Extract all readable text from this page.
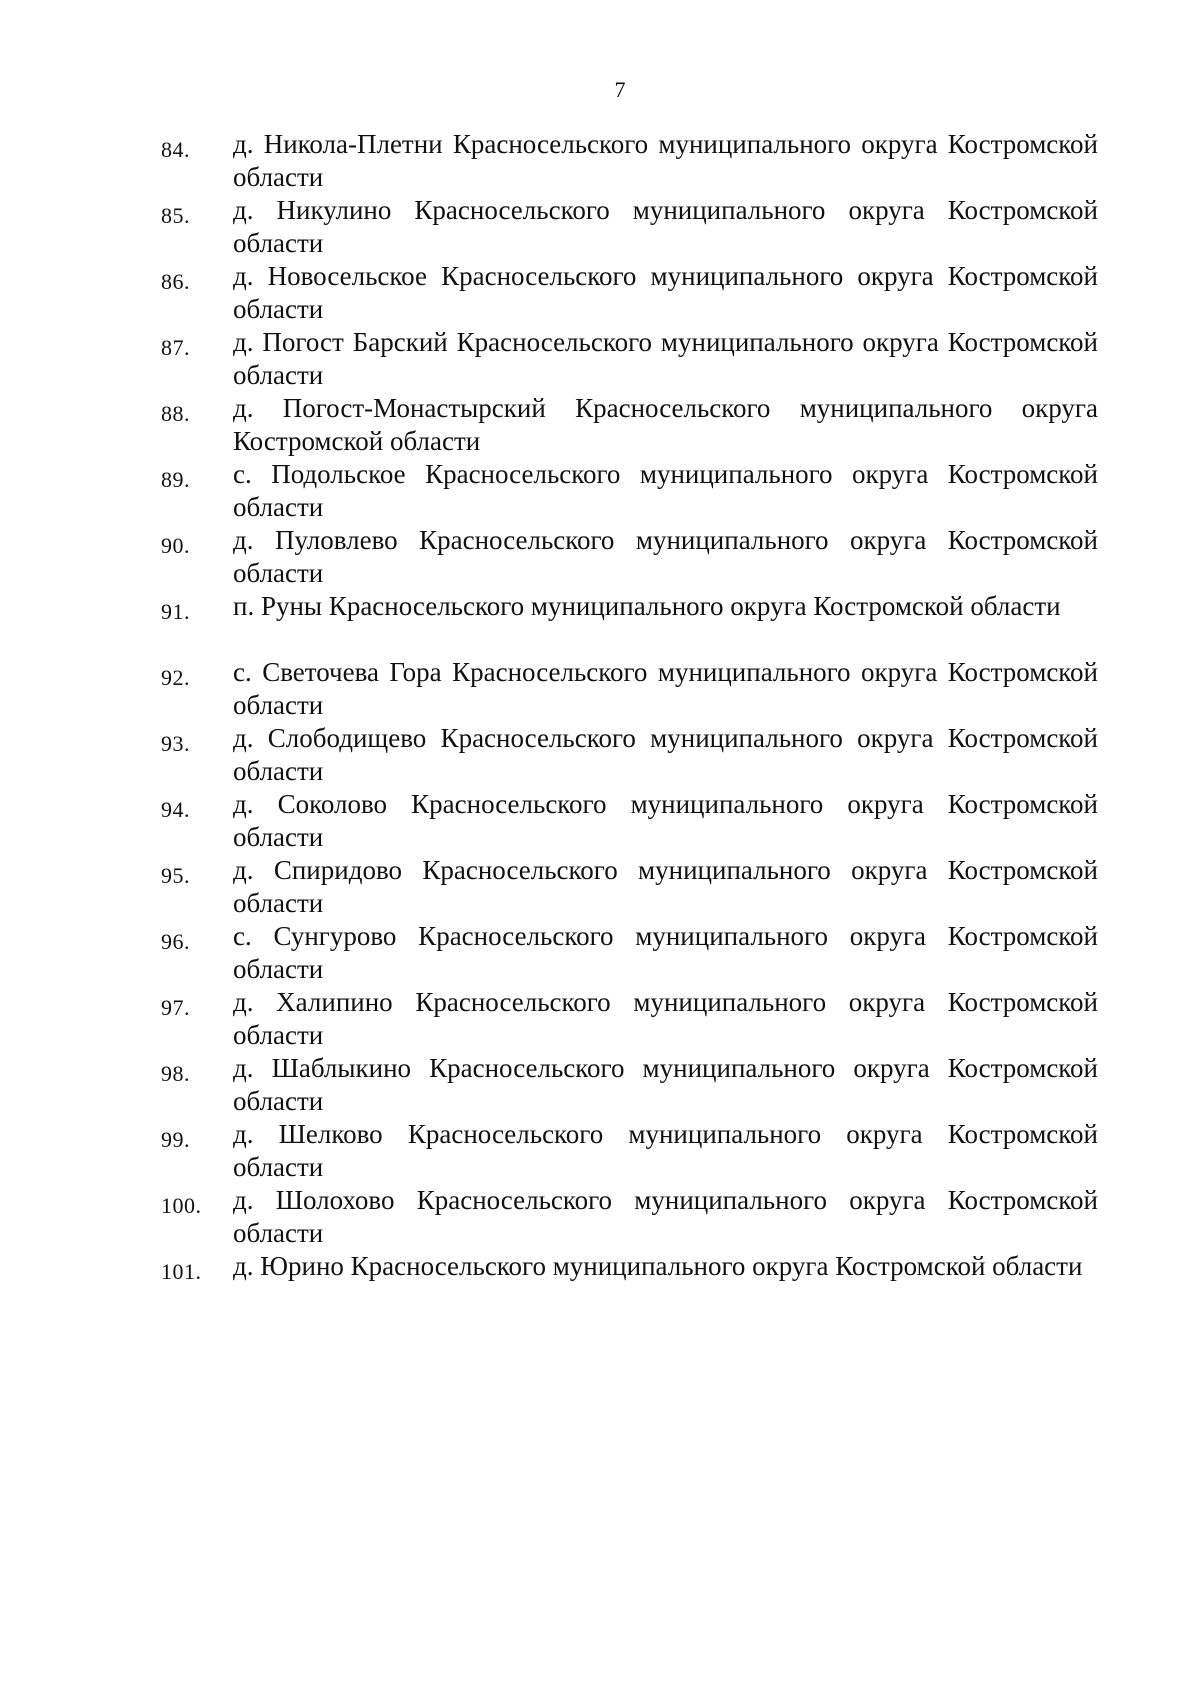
7
84. д. Никола-Плетни Красносельского муниципального округа Костромской области
85. д. Никулино Красносельского муниципального округа Костромской области
86. д. Новосельское Красносельского муниципального округа Костромской области
87. д. Погост Барский Красносельского муниципального округа Костромской области
88. д. Погост-Монастырский Красносельского муниципального округа Костромской области
89. с. Подольское Красносельского муниципального округа Костромской области
90. д. Пуловлево Красносельского муниципального округа Костромской области
91. п. Руны Красносельского муниципального округа Костромской области
92. с. Светочева Гора Красносельского муниципального округа Костромской области
93. д. Слободищево Красносельского муниципального округа Костромской области
94. д. Соколово Красносельского муниципального округа Костромской области
95. д. Спиридово Красносельского муниципального округа Костромской области
96. с. Сунгурово Красносельского муниципального округа Костромской области
97. д. Халипино Красносельского муниципального округа Костромской области
98. д. Шаблыкино Красносельского муниципального округа Костромской области
99. д. Шелково Красносельского муниципального округа Костромской области
100. д. Шолохово Красносельского муниципального округа Костромской области
101. д. Юрино Красносельского муниципального округа Костромской области
